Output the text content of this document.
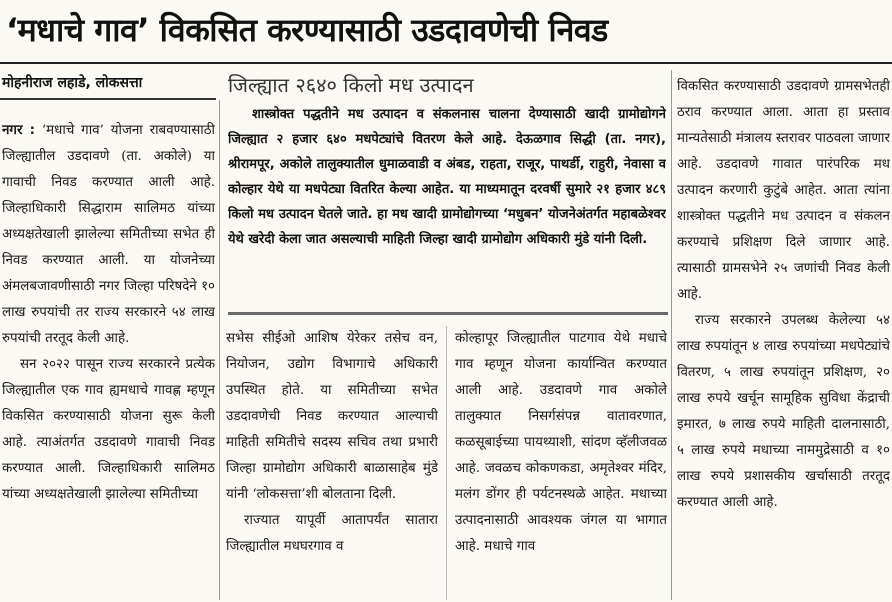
‘मधाचे गाव’ विकसित करण्यासाठी उडदावणेची निवड
मोहनीराज लहाडे, लोकसत्ता

नगर : ‘मधाचे गाव’ योजना राबवण्यासाठी जिल्ह्यातील उडदावणे (ता. अकोले) या गावाची निवड करण्यात आली आहे. जिल्हाधिकारी सिद्धाराम सालिमठ यांच्या अध्यक्षतेखाली झालेल्या समितीच्या सभेत ही निवड करण्यात आली. या योजनेच्या अंमलबजावणीसाठी नगर जिल्हा परिषदेने १० लाख रुपयांची तर राज्य सरकारने ५४ लाख रुपयांची तरतूद केली आहे.

सन २०२२ पासून राज्य सरकारने प्रत्येक जिल्ह्यातील एक गाव ह्यमधाचे गावह्ण म्हणून विकसित करण्यासाठी योजना सुरू केली आहे. त्याअंतर्गत उडदावणे गावाची निवड करण्यात आली. जिल्हाधिकारी सालिमठ यांच्या अध्यक्षतेखाली झालेल्या समितीच्या

जिल्ह्यात २६४० किलो मध उत्पादन

शास्त्रोक्त पद्धतीने मध उत्पादन व संकलनास चालना देण्यासाठी खादी ग्रामोद्योगने जिल्ह्यात २ हजार ६४० मधपेट्यांचे वितरण केले आहे. देऊळगाव सिद्धी (ता. नगर), श्रीरामपूर, अकोले तालुक्यातील धुमाळवाडी व अंबड, राहता, राजूर, पाथर्डी, राहुरी, नेवासा व कोल्हार येथे या मधपेट्या वितरित केल्या आहेत. या माध्यमातून दरवर्षी सुमारे २१ हजार ४८९ किलो मध उत्पादन घेतले जाते. हा मध खादी ग्रामोद्योगच्या ‘मधुबन’ योजनेअंतर्गत महाबळेश्वर येथे खरेदी केला जात असल्याची माहिती जिल्हा खादी ग्रामोद्योग अधिकारी मुंडे यांनी दिली.

सभेस सीईओ आशिष येरेकर तसेच वन, नियोजन, उद्योग विभागाचे अधिकारी उपस्थित होते. या समितीच्या सभेत उडदावणेची निवड करण्यात आल्याची माहिती समितीचे सदस्य सचिव तथा प्रभारी जिल्हा ग्रामोद्योग अधिकारी बाळासाहेब मुंडे यांनी ‘लोकसत्ता’शी बोलताना दिली.

राज्यात यापूर्वी आतापर्यंत सातारा जिल्ह्यातील मधघरगाव व

कोल्हापूर जिल्ह्यातील पाटगाव येथे मधाचे गाव म्हणून योजना कार्यान्वित करण्यात आली आहे. उडदावणे गाव अकोले तालुक्यात निसर्गसंपन्न वातावरणात, कळसूबाईच्या पायथ्याशी, सांदण व्हॅलीजवळ आहे. जवळच कोकणकडा, अमृतेश्वर मंदिर, मलंग डोंगर ही पर्यटनस्थळे आहेत. मधाच्या उत्पादनासाठी आवश्यक जंगल या भागात आहे. मधाचे गाव

विकसित करण्यासाठी उडदावणे ग्रामसभेतही ठराव करण्यात आला. आता हा प्रस्ताव मान्यतेसाठी मंत्रालय स्तरावर पाठवला जाणार आहे. उडदावणे गावात पारंपरिक मध उत्पादन करणारी कुटुंबे आहेत. आता त्यांना शास्त्रोक्त पद्धतीने मध उत्पादन व संकलन करण्याचे प्रशिक्षण दिले जाणार आहे. त्यासाठी ग्रामसभेने २५ जणांची निवड केली आहे.

राज्य सरकारने उपलब्ध केलेल्या ५४ लाख रुपयांतून ४ लाख रुपयांच्या मधपेट्यांचे वितरण, ५ लाख रुपयांतून प्रशिक्षण, २० लाख रुपये खर्चून सामूहिक सुविधा केंद्राची इमारत, ७ लाख रुपये माहिती दालनासाठी, ५ लाख रुपये मधाच्या नाममुद्रेसाठी व १० लाख रुपये प्रशासकीय खर्चासाठी तरतूद करण्यात आली आहे.
